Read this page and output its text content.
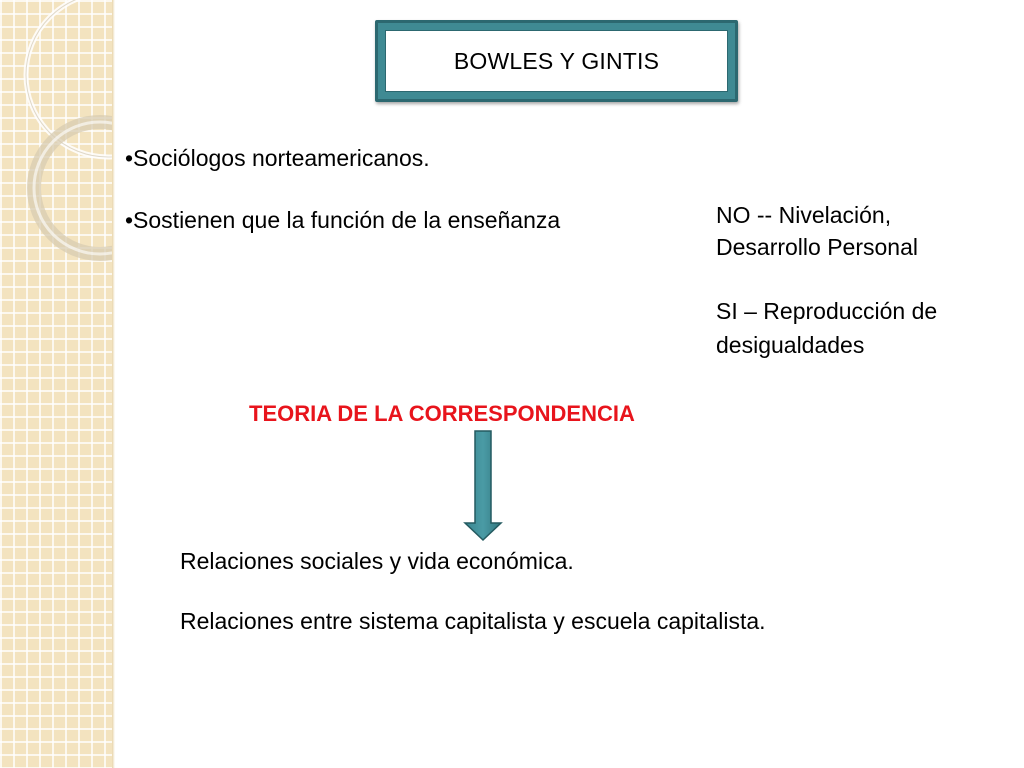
BOWLES Y GINTIS
•Sociólogos norteamericanos.
•Sostienen que la función de la enseñanza	NO -- Nivelación,
Desarrollo Personal
SI – Reproducción de
desigualdades
TEORIA DE LA CORRESPONDENCIA
Relaciones sociales y vida económica.
Relaciones entre sistema capitalista y escuela capitalista.
